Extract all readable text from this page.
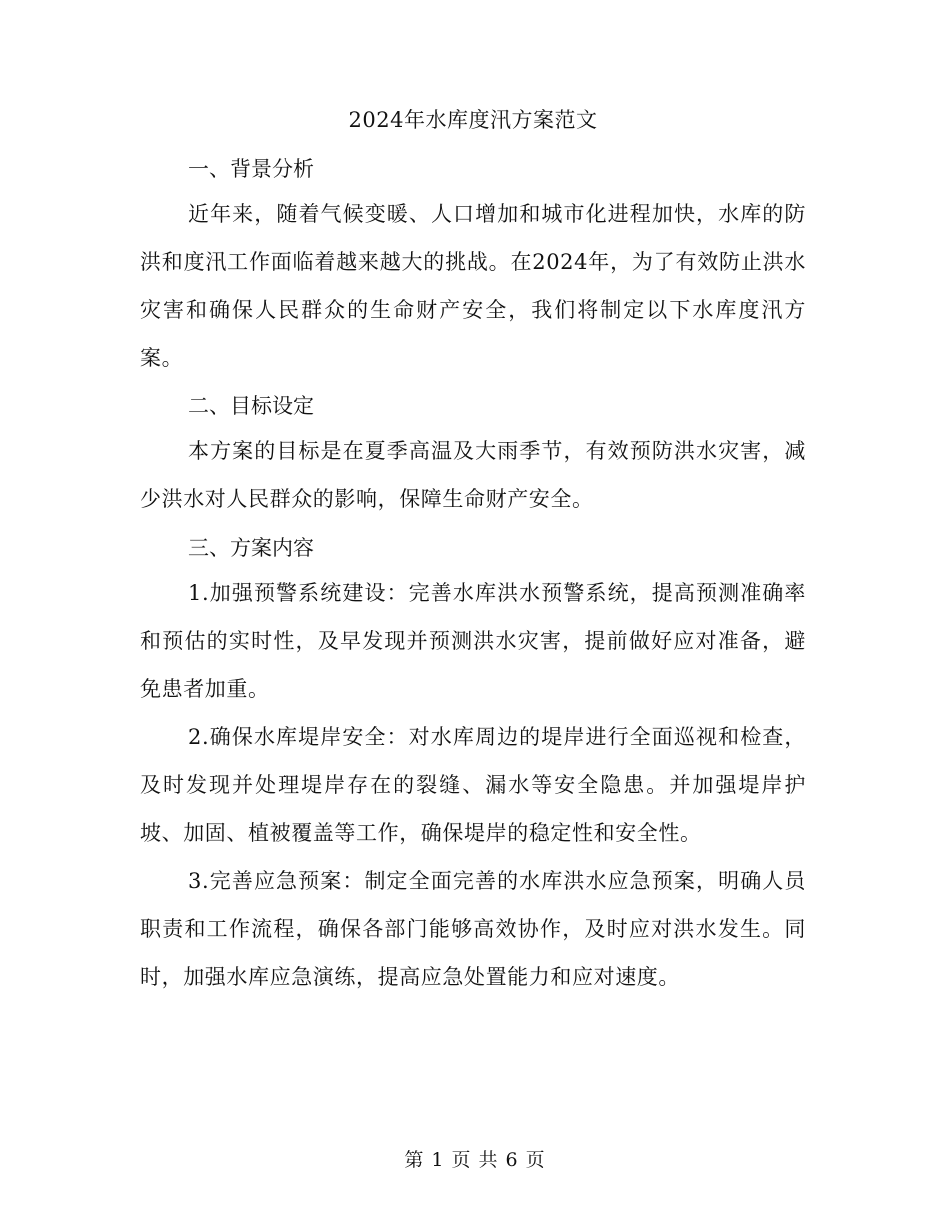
2024年水库度汛方案范文
一、背景分析

近年来，随着气候变暖、人口增加和城市化进程加快，水库的防洪和度汛工作面临着越来越大的挑战。在2024年，为了有效防止洪水灾害和确保人民群众的生命财产安全，我们将制定以下水库度汛方案。

二、目标设定

本方案的目标是在夏季高温及大雨季节，有效预防洪水灾害，减少洪水对人民群众的影响，保障生命财产安全。

三、方案内容

1.加强预警系统建设：完善水库洪水预警系统，提高预测准确率和预估的实时性，及早发现并预测洪水灾害，提前做好应对准备，避免患者加重。

2.确保水库堤岸安全：对水库周边的堤岸进行全面巡视和检查，及时发现并处理堤岸存在的裂缝、漏水等安全隐患。并加强堤岸护坡、加固、植被覆盖等工作，确保堤岸的稳定性和安全性。

3.完善应急预案：制定全面完善的水库洪水应急预案，明确人员职责和工作流程，确保各部门能够高效协作，及时应对洪水发生。同时，加强水库应急演练，提高应急处置能力和应对速度。

第 1 页 共 6 页
